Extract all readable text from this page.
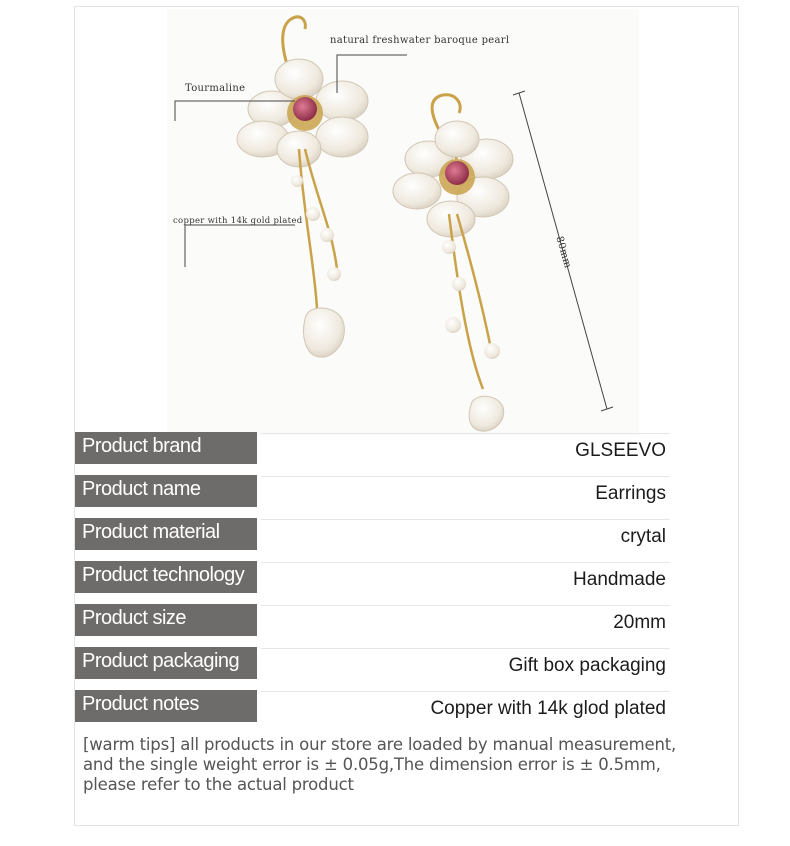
natural freshwater baroque pearl
Tourmaline
copper with 14k gold plated
80mm
Product brand	GLSEEVO
Product name	Earrings
Product material	crytal
Product technology	Handmade
Product size	20mm
Product packaging	Gift box packaging
Product notes	Copper with 14k glod plated
[warm tips] all products in our store are loaded by manual measurement, and the single weight error is ± 0.05g,The dimension error is ± 0.5mm, please refer to the actual product
